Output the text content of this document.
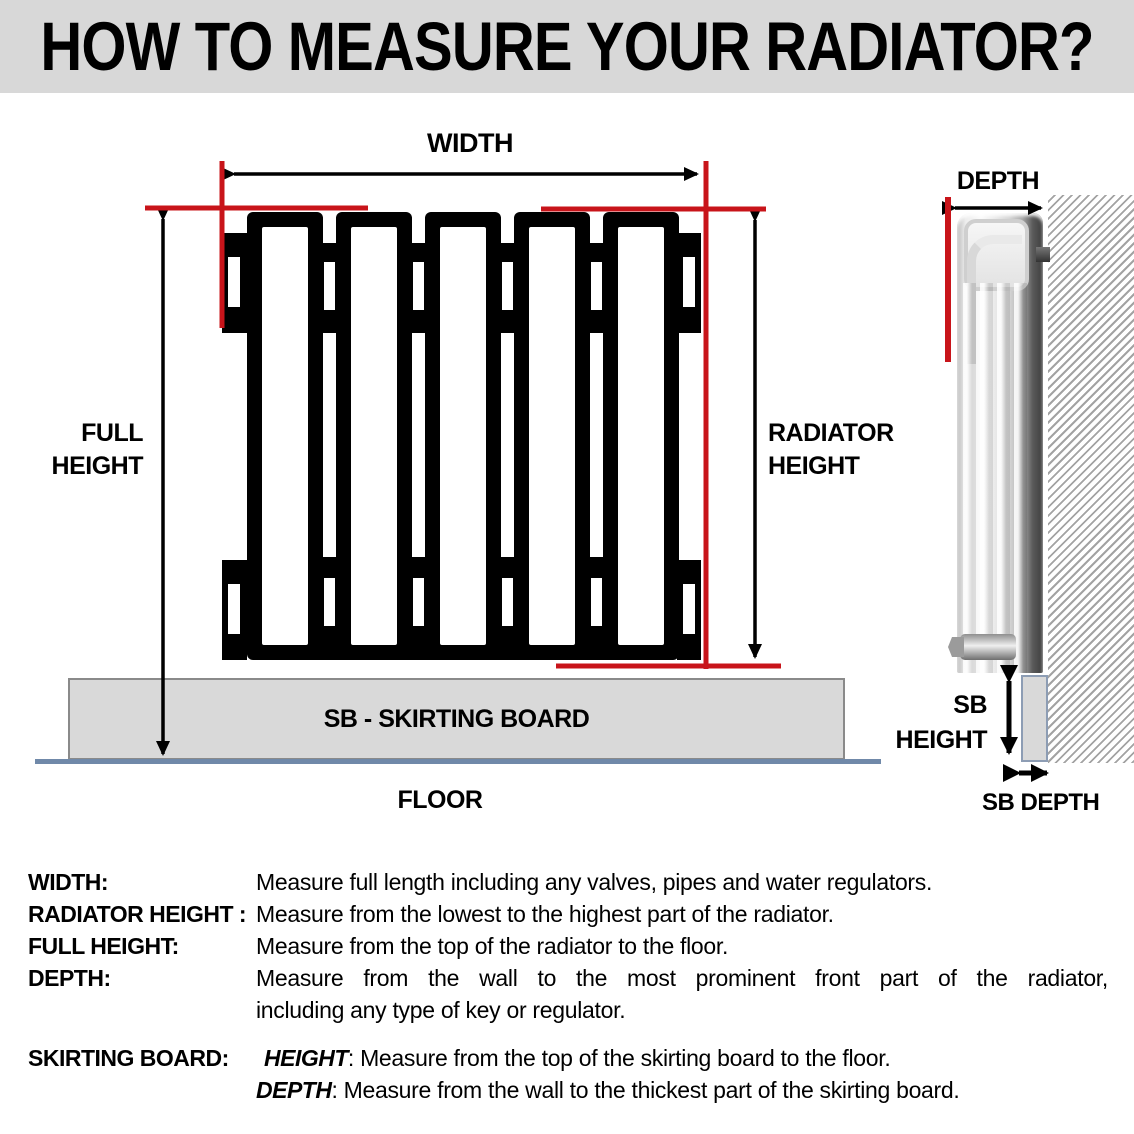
HOW TO MEASURE YOUR RADIATOR?
SB - SKIRTING BOARD
WIDTH
FULL
HEIGHT
RADIATOR
HEIGHT
DEPTH
FLOOR
SB
HEIGHT
SB DEPTH
WIDTH:	Measure full length including any valves, pipes and water regulators.
RADIATOR HEIGHT : Measure from the lowest to the highest part of the radiator.
FULL HEIGHT:	Measure from the top of the radiator to the floor.
DEPTH:	Measure from the wall to the most prominent front part of the radiator,
including any type of key or regulator.
SKIRTING BOARD:	HEIGHT: Measure from the top of the skirting board to the floor.
DEPTH: Measure from the wall to the thickest part of the skirting board.
